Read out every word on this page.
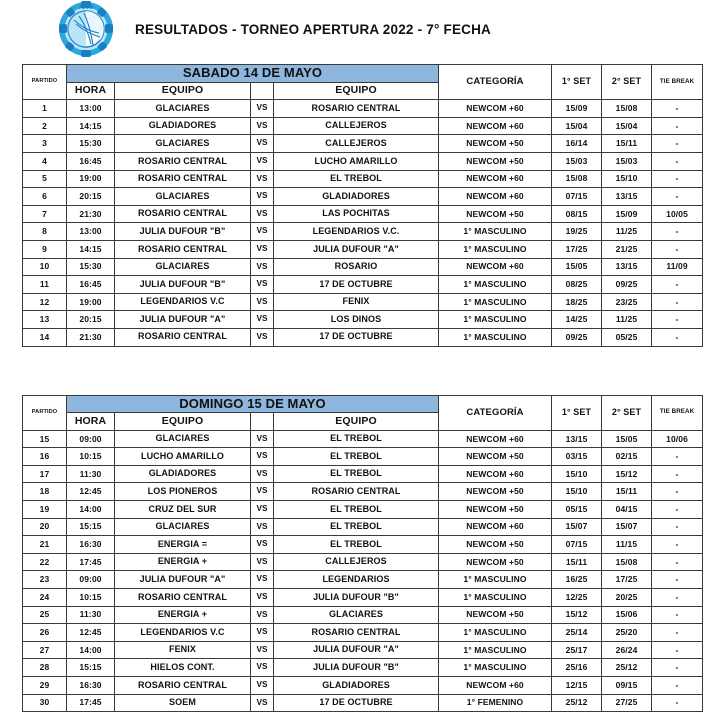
AJVM
RESULTADOS - TORNEO APERTURA 2022 - 7° FECHA
PARTIDO	SABADO 14 DE MAYO				CATEGORÍA	1° SET	2° SET	TIE BREAK
	HORA	EQUIPO		EQUIPO				
1	13:00	GLACIARES	VS	ROSARIO CENTRAL	NEWCOM +60	15/09	15/08	-
2	14:15	GLADIADORES	VS	CALLEJEROS	NEWCOM +60	15/04	15/04	-
3	15:30	GLACIARES	VS	CALLEJEROS	NEWCOM +50	16/14	15/11	-
4	16:45	ROSARIO CENTRAL	VS	LUCHO AMARILLO	NEWCOM +50	15/03	15/03	-
5	19:00	ROSARIO CENTRAL	VS	EL TREBOL	NEWCOM +60	15/08	15/10	-
6	20:15	GLACIARES	VS	GLADIADORES	NEWCOM +60	07/15	13/15	-
7	21:30	ROSARIO CENTRAL	VS	LAS POCHITAS	NEWCOM +50	08/15	15/09	10/05
8	13:00	JULIA DUFOUR "B"	VS	LEGENDARIOS V.C.	1° MASCULINO	19/25	11/25	-
9	14:15	ROSARIO CENTRAL	VS	JULIA DUFOUR "A"	1° MASCULINO	17/25	21/25	-
10	15:30	GLACIARES	VS	ROSARIO	NEWCOM +60	15/05	13/15	11/09
11	16:45	JULIA DUFOUR "B"	VS	17 DE OCTUBRE	1° MASCULINO	08/25	09/25	-
12	19:00	LEGENDARIOS V.C	VS	FENIX	1° MASCULINO	18/25	23/25	-
13	20:15	JULIA DUFOUR "A"	VS	LOS DINOS	1° MASCULINO	14/25	11/25	-
14	21:30	ROSARIO CENTRAL	VS	17 DE OCTUBRE	1° MASCULINO	09/25	05/25	-
PARTIDO	DOMINGO 15 DE MAYO				CATEGORÍA	1° SET	2° SET	TIE BREAK
	HORA	EQUIPO		EQUIPO				
15	09:00	GLACIARES	VS	EL TREBOL	NEWCOM +60	13/15	15/05	10/06
16	10:15	LUCHO AMARILLO	VS	EL TREBOL	NEWCOM +50	03/15	02/15	-
17	11:30	GLADIADORES	VS	EL TREBOL	NEWCOM +60	15/10	15/12	-
18	12:45	LOS PIONEROS	VS	ROSARIO CENTRAL	NEWCOM +50	15/10	15/11	-
19	14:00	CRUZ DEL SUR	VS	EL TREBOL	NEWCOM +50	05/15	04/15	-
20	15:15	GLACIARES	VS	EL TREBOL	NEWCOM +60	15/07	15/07	-
21	16:30	ENERGIA =	VS	EL TREBOL	NEWCOM +50	07/15	11/15	-
22	17:45	ENERGIA +	VS	CALLEJEROS	NEWCOM +50	15/11	15/08	-
23	09:00	JULIA DUFOUR "A"	VS	LEGENDARIOS	1° MASCULINO	16/25	17/25	-
24	10:15	ROSARIO CENTRAL	VS	JULIA DUFOUR "B"	1° MASCULINO	12/25	20/25	-
25	11:30	ENERGIA +	VS	GLACIARES	NEWCOM +50	15/12	15/06	-
26	12:45	LEGENDARIOS V.C	VS	ROSARIO CENTRAL	1° MASCULINO	25/14	25/20	-
27	14:00	FENIX	VS	JULIA DUFOUR "A"	1° MASCULINO	25/17	26/24	-
28	15:15	HIELOS CONT.	VS	JULIA DUFOUR "B"	1° MASCULINO	25/16	25/12	-
29	16:30	ROSARIO CENTRAL	VS	GLADIADORES	NEWCOM +60	12/15	09/15	-
30	17:45	SOEM	VS	17 DE OCTUBRE	1° FEMENINO	25/12	27/25	-
